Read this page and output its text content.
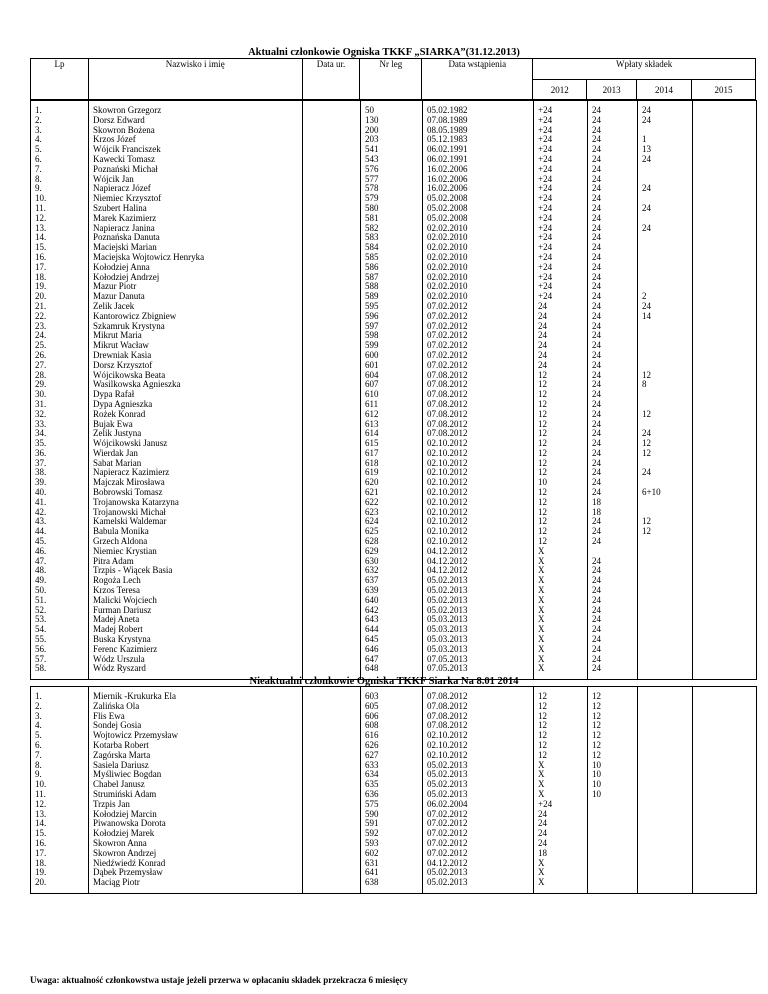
Aktualni członkowie Ogniska TKKF „SIARKA”(31.12.2013)
Lp	Nazwisko i imię	Data ur.	Nr leg	Data wstąpienia	Wpłaty składek			
					2012	2013	2014	2015

1.	Skowron Grzegorz		50	05.02.1982	+24	24	24	
2.	Dorsz Edward		130	07.08.1989	+24	24	24	
3.	Skowron Bożena		200	08.05.1989	+24	24		
4.	Krzos Józef		203	05.12.1983	+24	24	1	
5.	Wójcik Franciszek		541	06.02.1991	+24	24	13	
6.	Kawecki Tomasz		543	06.02.1991	+24	24	24	
7.	Poznański Michał		576	16.02.2006	+24	24		
8.	Wójcik Jan		577	16.02.2006	+24	24		
9.	Napieracz Józef		578	16.02.2006	+24	24	24	
10.	Niemiec Krzysztof		579	05.02.2008	+24	24		
11.	Szubert Halina		580	05.02.2008	+24	24	24	
12.	Marek Kazimierz		581	05.02.2008	+24	24		
13.	Napieracz Janina		582	02.02.2010	+24	24	24	
14.	Poznańska Danuta		583	02.02.2010	+24	24		
15.	Maciejski Marian		584	02.02.2010	+24	24		
16.	Maciejska Wojtowicz Henryka		585	02.02.2010	+24	24		
17.	Kołodziej Anna		586	02.02.2010	+24	24		
18.	Kołodziej Andrzej		587	02.02.2010	+24	24		
19.	Mazur Piotr		588	02.02.2010	+24	24		
20.	Mazur Danuta		589	02.02.2010	+24	24	2	
21.	Zelik Jacek		595	07.02.2012	24	24	24	
22.	Kantorowicz Zbigniew		596	07.02.2012	24	24	14	
23.	Szkamruk Krystyna		597	07.02.2012	24	24		
24.	Mikrut Maria		598	07.02.2012	24	24		
25.	Mikrut Wacław		599	07.02.2012	24	24		
26.	Drewniak Kasia		600	07.02.2012	24	24		
27.	Dorsz Krzysztof		601	07.02.2012	24	24		
28.	Wójcikowska Beata		604	07.08.2012	12	24	12	
29.	Wasilkowska Agnieszka		607	07.08.2012	12	24	8	
30.	Dypa Rafał		610	07.08.2012	12	24		
31.	Dypa Agnieszka		611	07.08.2012	12	24		
32.	Rożek Konrad		612	07.08.2012	12	24	12	
33.	Bujak Ewa		613	07.08.2012	12	24		
34.	Zelik Justyna		614	07.08.2012	12	24	24	
35.	Wójcikowski Janusz		615	02.10.2012	12	24	12	
36.	Wierdak Jan		617	02.10.2012	12	24	12	
37.	Sabat Marian		618	02.10.2012	12	24		
38.	Napieracz Kazimierz		619	02.10.2012	12	24	24	
39.	Majczak Mirosława		620	02.10.2012	10	24		
40.	Bobrowski Tomasz		621	02.10.2012	12	24	6+10	
41.	Trojanowska Katarzyna		622	02.10.2012	12	18		
42.	Trojanowski Michał		623	02.10.2012	12	18		
43.	Kamelski Waldemar		624	02.10.2012	12	24	12	
44.	Babula Monika		625	02.10.2012	12	24	12	
45.	Grzech Aldona		628	02.10.2012	12	24		
46.	Niemiec Krystian		629	04.12.2012	X			
47.	Pitra Adam		630	04.12.2012	X	24		
48.	Trzpis - Wiącek Basia		632	04.12.2012	X	24		
49.	Rogoża Lech		637	05.02.2013	X	24		
50.	Krzos Teresa		639	05.02.2013	X	24		
51.	Malicki Wojciech		640	05.02.2013	X	24		
52.	Furman Dariusz		642	05.02.2013	X	24		
53.	Madej Aneta		643	05.03.2013	X	24		
54.	Madej Robert		644	05.03.2013	X	24		
55.	Buska Krystyna		645	05.03.2013	X	24		
56.	Ferenc Kazimierz		646	05.03.2013	X	24		
57.	Wódz Urszula		647	07.05.2013	X	24		
58.	Wódz Ryszard		648	07.05.2013	X	24		

Nieaktualni członkowie Ogniska TKKF Siarka Na 8.01 2014

1.	Miernik -Krukurka Ela		603	07.08.2012	12	12		
2.	Zalińska Ola		605	07.08.2012	12	12		
3.	Flis Ewa		606	07.08.2012	12	12		
4.	Sondej Gosia		608	07.08.2012	12	12		
5.	Wojtowicz Przemysław		616	02.10.2012	12	12		
6.	Kotarba Robert		626	02.10.2012	12	12		
7.	Zagórska Marta		627	02.10.2012	12	12		
8.	Sasiela Dariusz		633	05.02.2013	X	10		
9.	Myśliwiec Bogdan		634	05.02.2013	X	10		
10.	Chabel Janusz		635	05.02.2013	X	10		
11.	Strumiński Adam		636	05.02.2013	X	10		
12.	Trzpis Jan		575	06.02.2004	+24			
13.	Kołodziej Marcin		590	07.02.2012	24			
14.	Piwanowska Dorota		591	07.02.2012	24			
15.	Kołodziej Marek		592	07.02.2012	24			
16.	Skowron Anna		593	07.02.2012	24			
17.	Skowron Andrzej		602	07.02.2012	18			
18.	Niedźwiedź Konrad		631	04.12.2012	X			
19.	Dąbek Przemysław		641	05.02.2013	X			
20.	Maciąg Piotr		638	05.02.2013	X			

Uwaga: aktualność członkowstwa ustaje jeżeli przerwa w opłacaniu składek przekracza 6 miesięcy
